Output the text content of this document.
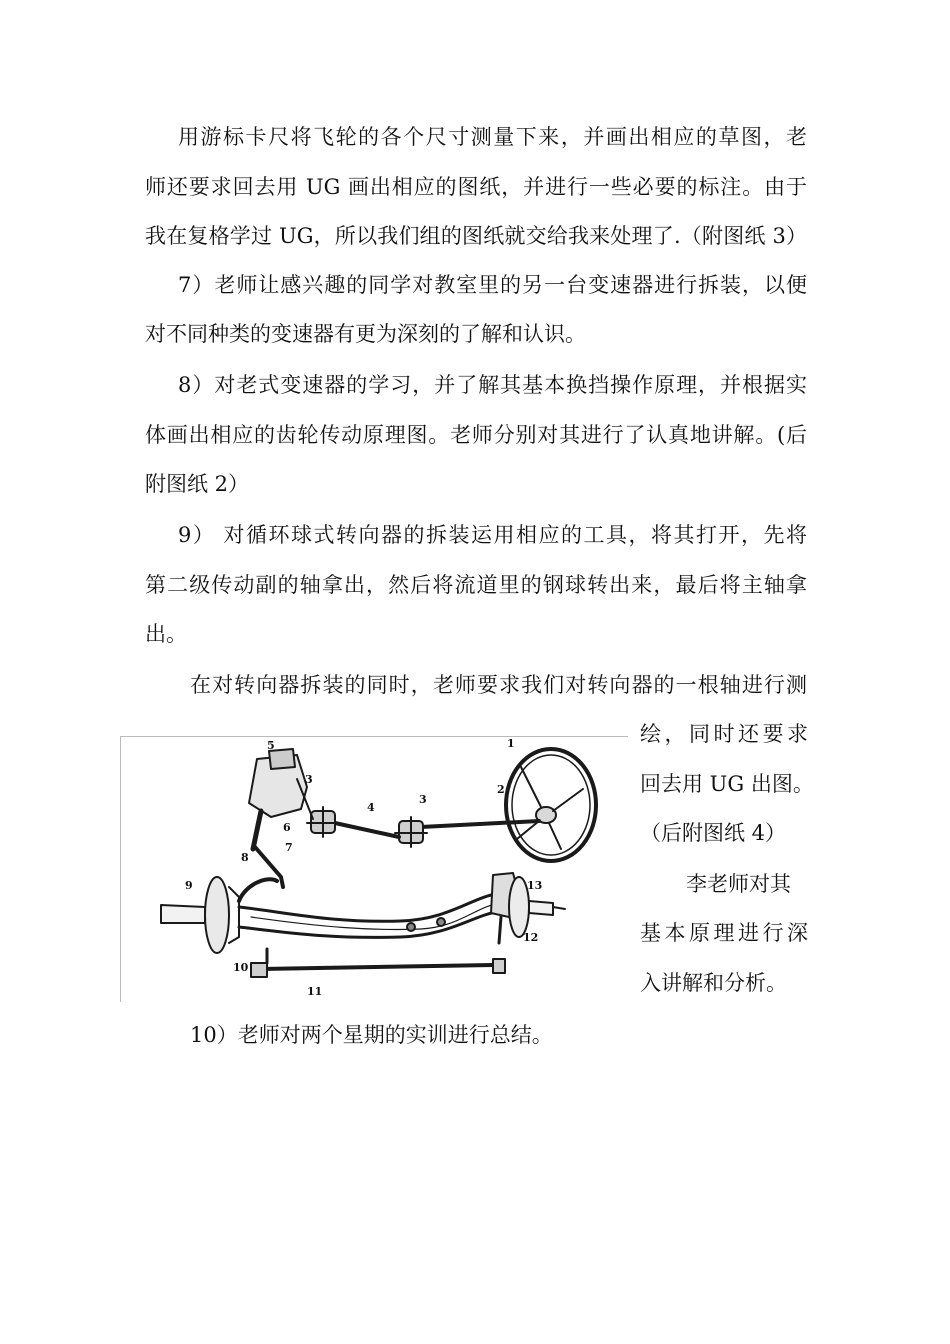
用游标卡尺将飞轮的各个尺寸测量下来，并画出相应的草图，老
师还要求回去用 UG 画出相应的图纸，并进行一些必要的标注。由于
我在复格学过 UG，所以我们组的图纸就交给我来处理了.（附图纸 3）
7）老师让感兴趣的同学对教室里的另一台变速器进行拆装，以便
对不同种类的变速器有更为深刻的了解和认识。
8）对老式变速器的学习，并了解其基本换挡操作原理，并根据实
体画出相应的齿轮传动原理图。老师分别对其进行了认真地讲解。(后
附图纸 2）
9） 对循环球式转向器的拆装运用相应的工具，将其打开，先将
第二级传动副的轴拿出，然后将流道里的钢球转出来，最后将主轴拿
出。
在对转向器拆装的同时，老师要求我们对转向器的一根轴进行测
绘，同时还要求
回去用 UG 出图。
（后附图纸 4）
李老师对其
基本原理进行深
入讲解和分析。
1
2
3
3
4
5
6
7
8
9
10
11
12
13
10）老师对两个星期的实训进行总结。
